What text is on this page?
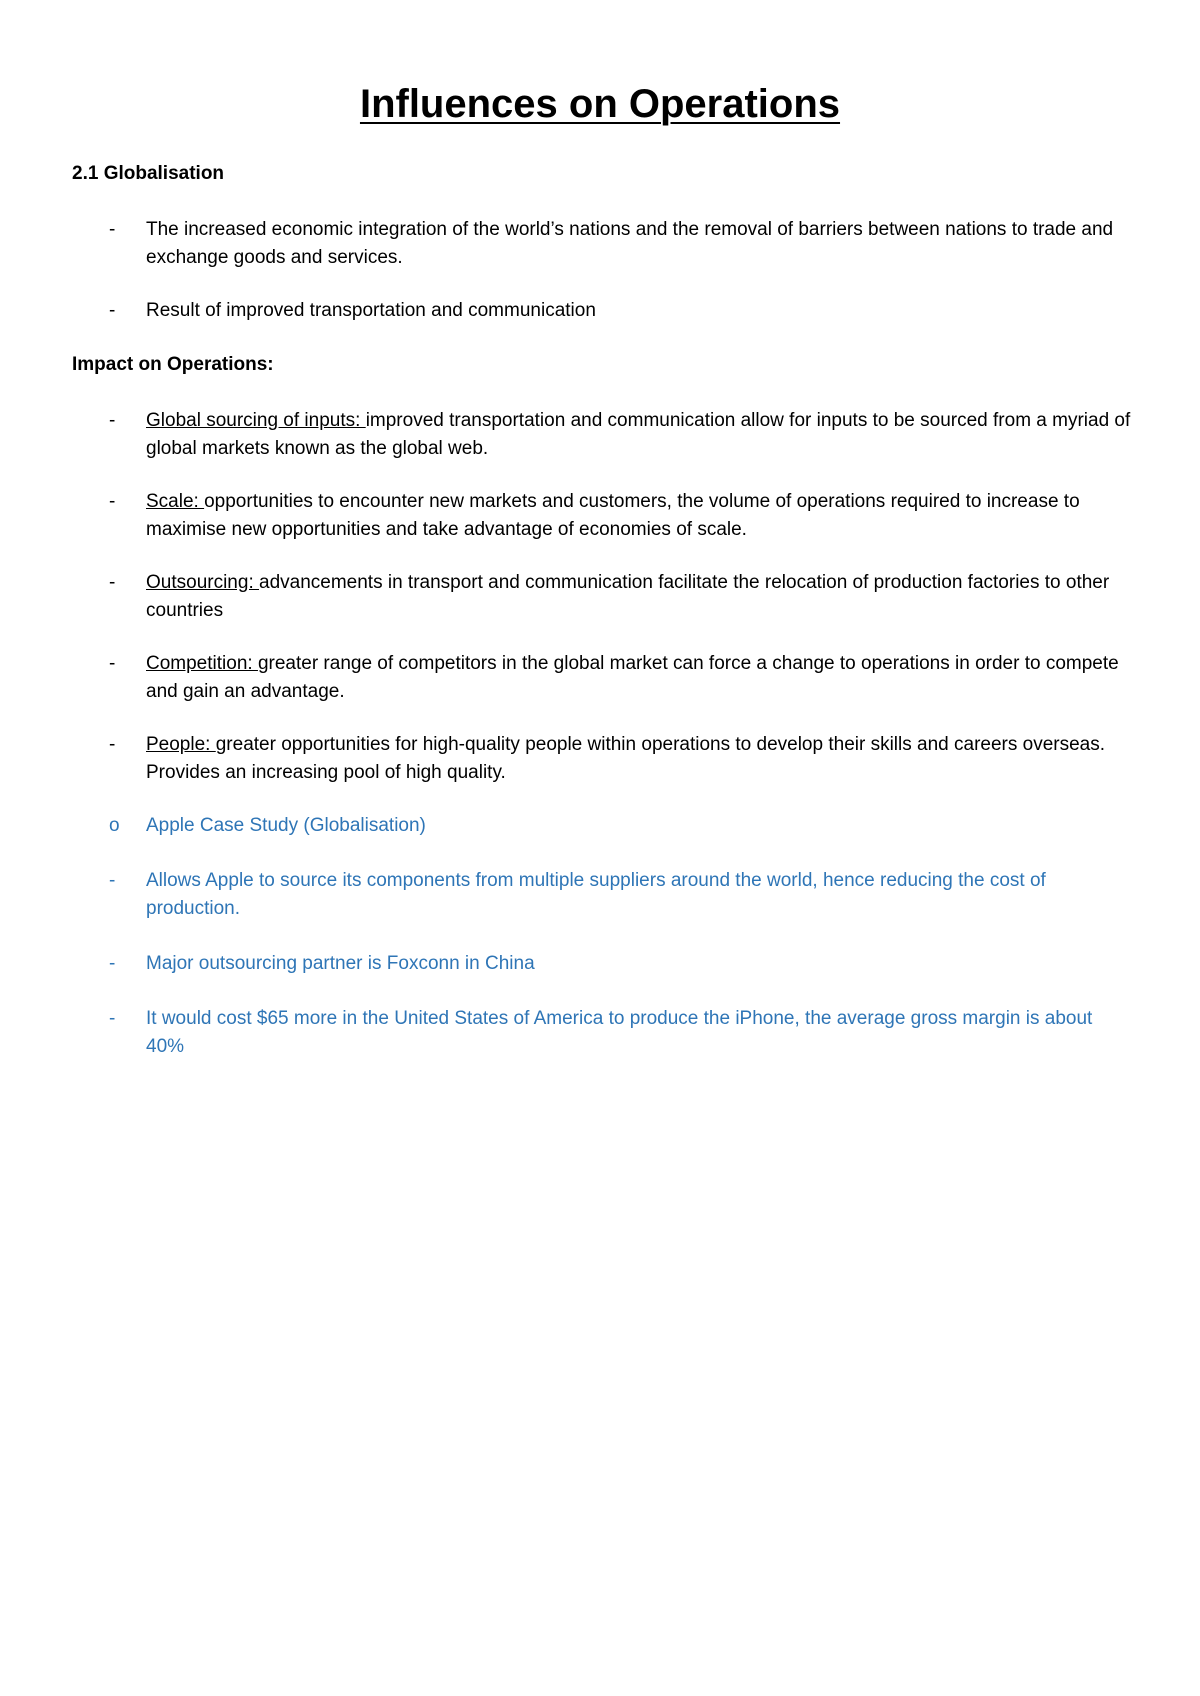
Influences on Operations

2.1 Globalisation

-	The increased economic integration of the world’s nations and the removal of barriers between nations to trade and exchange goods and services.
-	Result of improved transportation and communication

Impact on Operations:

-	Global sourcing of inputs: improved transportation and communication allow for inputs to be sourced from a myriad of global markets known as the global web.
-	Scale: opportunities to encounter new markets and customers, the volume of operations required to increase to maximise new opportunities and take advantage of economies of scale.
-	Outsourcing: advancements in transport and communication facilitate the relocation of production factories to other countries
-	Competition: greater range of competitors in the global market can force a change to operations in order to compete and gain an advantage.
-	People: greater opportunities for high-quality people within operations to develop their skills and careers overseas. Provides an increasing pool of high quality.
o	Apple Case Study (Globalisation)
-	Allows Apple to source its components from multiple suppliers around the world, hence reducing the cost of production.
-	Major outsourcing partner is Foxconn in China
-	It would cost $65 more in the United States of America to produce the iPhone, the average gross margin is about 40%
